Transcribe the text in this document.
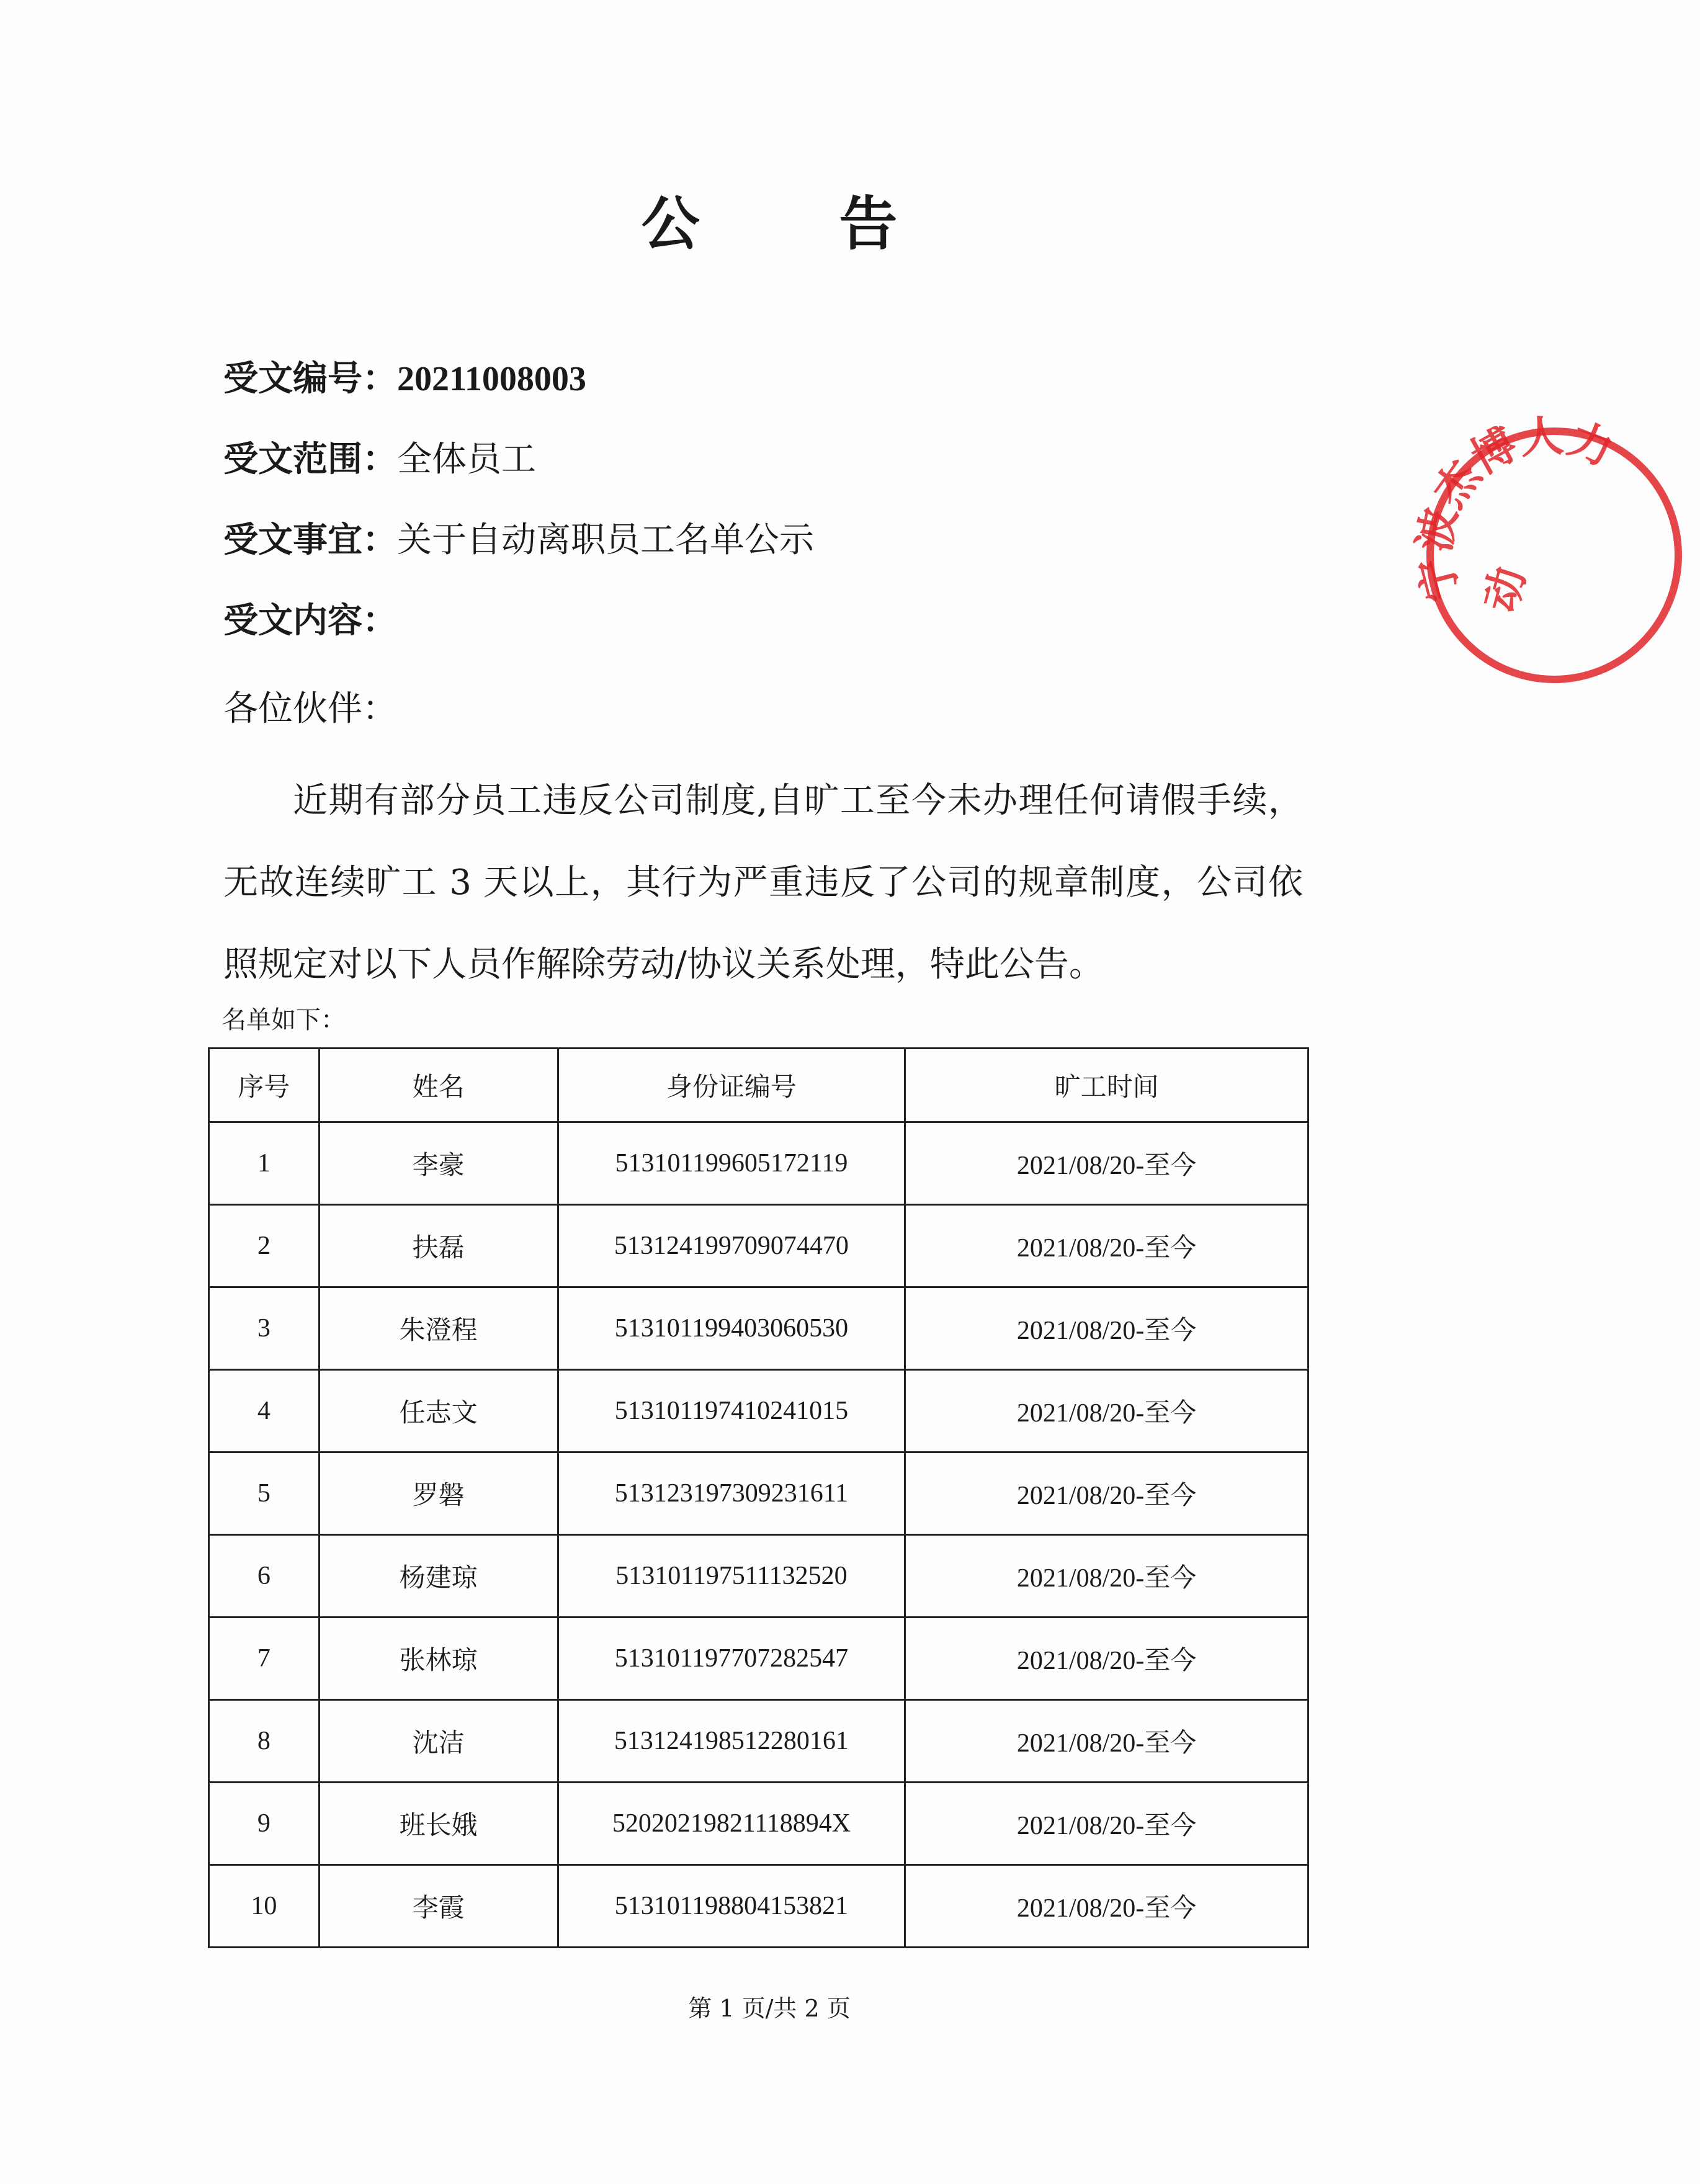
公 告
受文编号：20211008003
受文范围：全体员工
受文事宜：关于自动离职员工名单公示
受文内容：
各位伙伴：
近期有部分员工违反公司制度,自旷工至今未办理任何请假手续，无故连续旷工 3 天以上，其行为严重违反了公司的规章制度，公司依照规定对以下人员作解除劳动/协议关系处理，特此公告。
名单如下：
序号	姓名	身份证编号	旷工时间
1	李豪	513101199605172119	2021/08/20-至今
2	扶磊	513124199709074470	2021/08/20-至今
3	朱澄程	513101199403060530	2021/08/20-至今
4	任志文	513101197410241015	2021/08/20-至今
5	罗磐	513123197309231611	2021/08/20-至今
6	杨建琼	513101197511132520	2021/08/20-至今
7	张林琼	513101197707282547	2021/08/20-至今
8	沈洁	513124198512280161	2021/08/20-至今
9	班长娥	52020219821118894X	2021/08/20-至今
10	李霞	513101198804153821	2021/08/20-至今
第 1 页/共 2 页
宁波杰博人力
动
